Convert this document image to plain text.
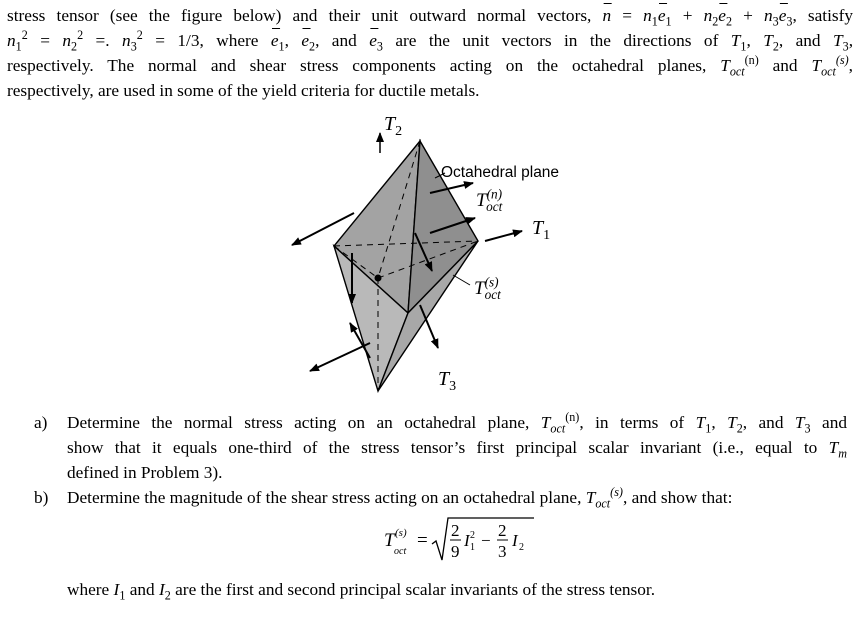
stress tensor (see the figure below) and their unit outward normal vectors, ⇀ $n = n_1⇀$ $e_1$ + $n_2⇀$ $e_2$ + $n_3⇀$ $e_3$, satisfy
$n_1^2 = n_2^2$ =. $n_3^2 = 1/3$, where ⇀ $e_1$, ⇀ $e_2$, and ⇀ $e_3$ are the unit vectors in the directions of $T_1$, $T_2$, and $T_3$,
respectively. The normal and shear stress components acting on the octahedral planes, $T_{oct}^{(n)}$ and $T_{oct}^{(s)}$,
respectively, are used in some of the yield criteria for ductile metals.
$T_2$
Octahedral plane
$T^{(n)}_{oct}$
$T_1$
$T^{(s)}_{oct}$
$T_3$
a) Determine the normal stress acting on an octahedral plane, $T_{oct}^{(n)}$, in terms of $T_1$, $T_2$, and $T_3$ and
show that it equals one-third of the stress tensor’s first principal scalar invariant (i.e., equal to $T_m$
defined in Problem 3).
b) Determine the magnitude of the shear stress acting on an octahedral plane, $T_{oct}^{(s)}$, and show that:
T (s)
oct
= 2
9
I 1
2 −
2
3
I 2
where $I_1$ and $I_2$ are the first and second principal scalar invariants of the stress tensor.
